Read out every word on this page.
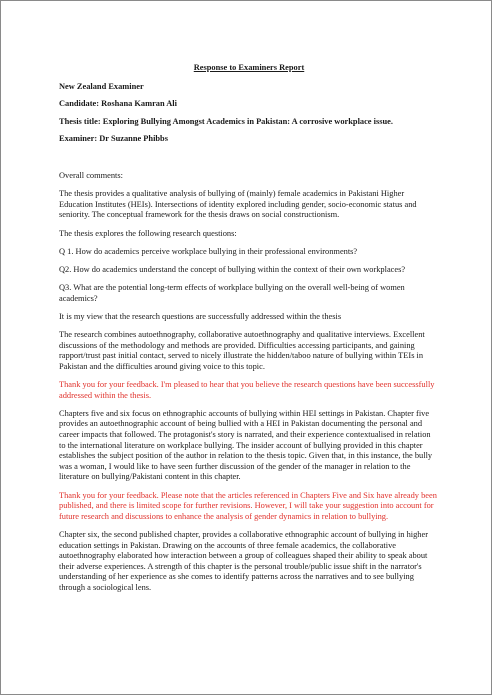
Response to Examiners Report
New Zealand Examiner
Candidate: Roshana Kamran Ali
Thesis title: Exploring Bullying Amongst Academics in Pakistan: A corrosive workplace issue.
Examiner: Dr Suzanne Phibbs

Overall comments:

The thesis provides a qualitative analysis of bullying of (mainly) female academics in Pakistani Higher Education Institutes (HEIs). Intersections of identity explored including gender, socio-economic status and seniority. The conceptual framework for the thesis draws on social constructionism.

The thesis explores the following research questions:

Q 1. How do academics perceive workplace bullying in their professional environments?

Q2. How do academics understand the concept of bullying within the context of their own workplaces?

Q3. What are the potential long-term effects of workplace bullying on the overall well-being of women academics?

It is my view that the research questions are successfully addressed within the thesis

The research combines autoethnography, collaborative autoethnography and qualitative interviews. Excellent discussions of the methodology and methods are provided. Difficulties accessing participants, and gaining rapport/trust past initial contact, served to nicely illustrate the hidden/taboo nature of bullying within TEIs in Pakistan and the difficulties around giving voice to this topic.

Thank you for your feedback. I'm pleased to hear that you believe the research questions have been successfully addressed within the thesis.

Chapters five and six focus on ethnographic accounts of bullying within HEI settings in Pakistan. Chapter five provides an autoethnographic account of being bullied with a HEI in Pakistan documenting the personal and career impacts that followed. The protagonist's story is narrated, and their experience contextualised in relation to the international literature on workplace bullying. The insider account of bullying provided in this chapter establishes the subject position of the author in relation to the thesis topic. Given that, in this instance, the bully was a woman, I would like to have seen further discussion of the gender of the manager in relation to the literature on bullying/Pakistani content in this chapter.

Thank you for your feedback. Please note that the articles referenced in Chapters Five and Six have already been published, and there is limited scope for further revisions. However, I will take your suggestion into account for future research and discussions to enhance the analysis of gender dynamics in relation to bullying.

Chapter six, the second published chapter, provides a collaborative ethnographic account of bullying in higher education settings in Pakistan. Drawing on the accounts of three female academics, the collaborative autoethnography elaborated how interaction between a group of colleagues shaped their ability to speak about their adverse experiences. A strength of this chapter is the personal trouble/public issue shift in the narrator's understanding of her experience as she comes to identify patterns across the narratives and to see bullying through a sociological lens.
